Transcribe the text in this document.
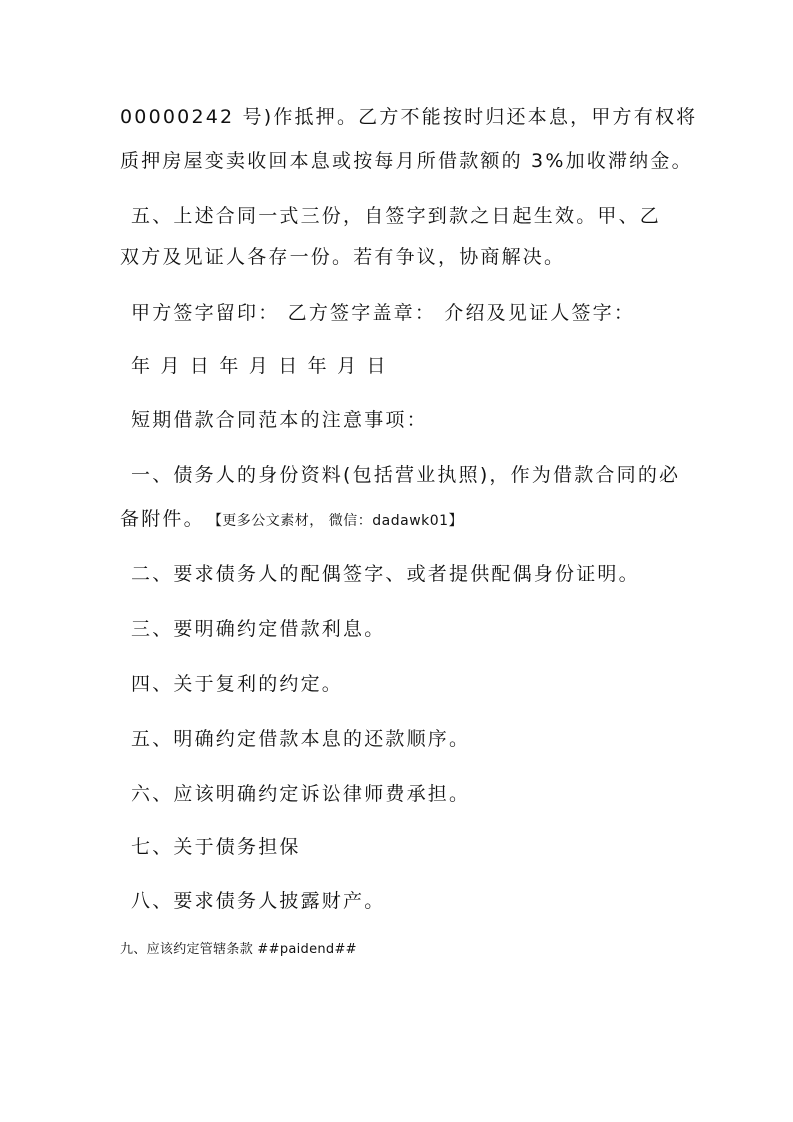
00000242 号)作抵押。乙方不能按时归还本息，甲方有权将
质押房屋变卖收回本息或按每月所借款额的 3%加收滞纳金。
五、上述合同一式三份，自签字到款之日起生效。甲、乙
双方及见证人各存一份。若有争议，协商解决。
甲方签字留印： 乙方签字盖章： 介绍及见证人签字：
年 月 日 年 月 日 年 月 日
短期借款合同范本的注意事项：
一、债务人的身份资料(包括营业执照)，作为借款合同的必
备附件。 【更多公文素材， 微信：dadawk01】
二、要求债务人的配偶签字、或者提供配偶身份证明。
三、要明确约定借款利息。
四、关于复利的约定。
五、明确约定借款本息的还款顺序。
六、应该明确约定诉讼律师费承担。
七、关于债务担保
八、要求债务人披露财产。
九、应该约定管辖条款 ##paidend##
